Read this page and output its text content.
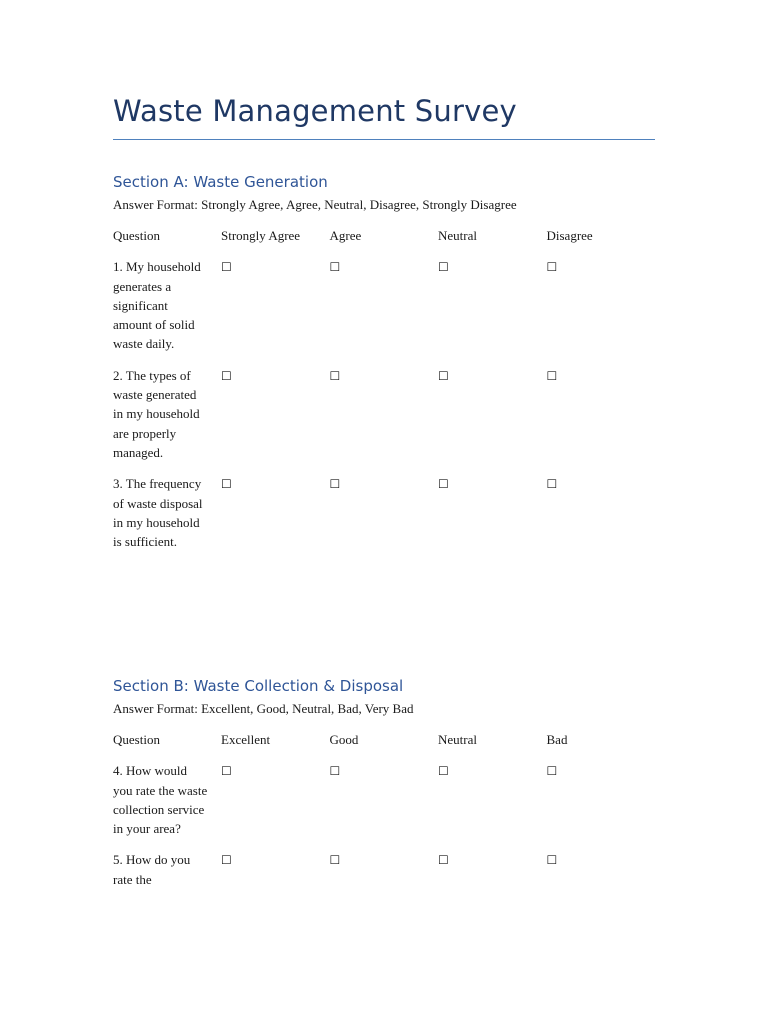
Waste Management Survey
Section A: Waste Generation

Answer Format: Strongly Agree, Agree, Neutral, Disagree, Strongly Disagree

Question	Strongly Agree	Agree	Neutral	Disagree

1. My household generates a significant amount of solid waste daily.	☐	☐	☐	☐

2. The types of waste generated in my household are properly managed.	☐	☐	☐	☐

3. The frequency of waste disposal in my household is sufficient.	☐	☐	☐	☐
Section B: Waste Collection & Disposal

Answer Format: Excellent, Good, Neutral, Bad, Very Bad

Question	Excellent	Good	Neutral	Bad

4. How would you rate the waste collection service in your area?	☐	☐	☐	☐

5. How do you rate the	☐	☐	☐	☐
